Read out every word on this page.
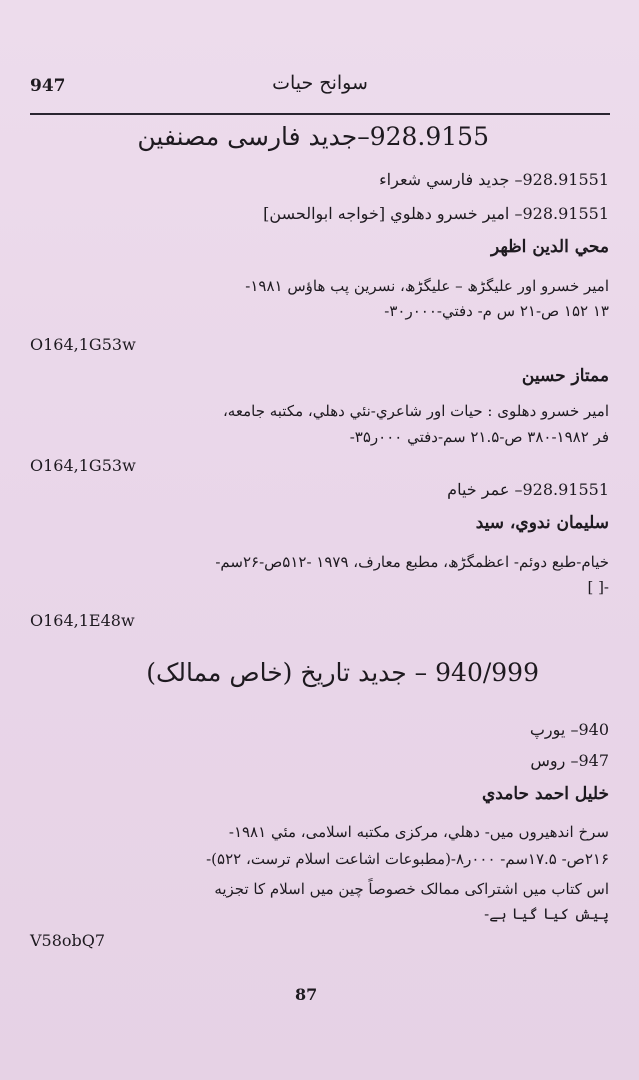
947	سوانح حیات
928.9155–جدید فارسی مصنفین
928.91551– جدید فارسي شعراء
928.91551– امیر خسرو دهلوي [خواجه ابوالحسن]
محي الدين اظهر
امیر خسرو اور علیگڑھ – علیگڑھ، نسرین پب هاؤس ۱۹۸۱-
۱۳ ۱۵۲ ص-۲۱ س م- دفتي-٠٠٠ر۳۰-
O164,1G53w
ممتاز حسين
امیر خسرو دهلوی : حیات اور شاعري-نئي دهلي، مكتبه جامعه،
فر ۱۹۸۲-۳۸۰ ص-۲۱.۵ سم-دفتي ٠٠٠ر۳۵-
O164,1G53w
928.91551– عمر خیام
سلیمان ندوي، سید
خیام-طبع دوئم- اعظمگڑھ، مطبع معارف، ۱۹۷۹ -۵۱۲ص-۲۶سم-
-[ ]
O164,1E48w
940/999 – جدید تاریخ (خاص ممالک)
940– یورپ
947– روس
خلیل احمد حامدي
سرخ اندهیروں میں- دهلي، مرکزی مكتبه اسلامی، مئي ۱۹۸۱-
۲۱۶ص- ۱۷.۵سم- ٠٠٠ر۸-(مطبوعات اشاعت اسلام ترست، ۵۲۲)-
اس کتاب میں اشتراکی ممالک خصوصاً چین میں اسلام کا تجزیه
پیش کیا گیا ہے-
V58obQ7
87
